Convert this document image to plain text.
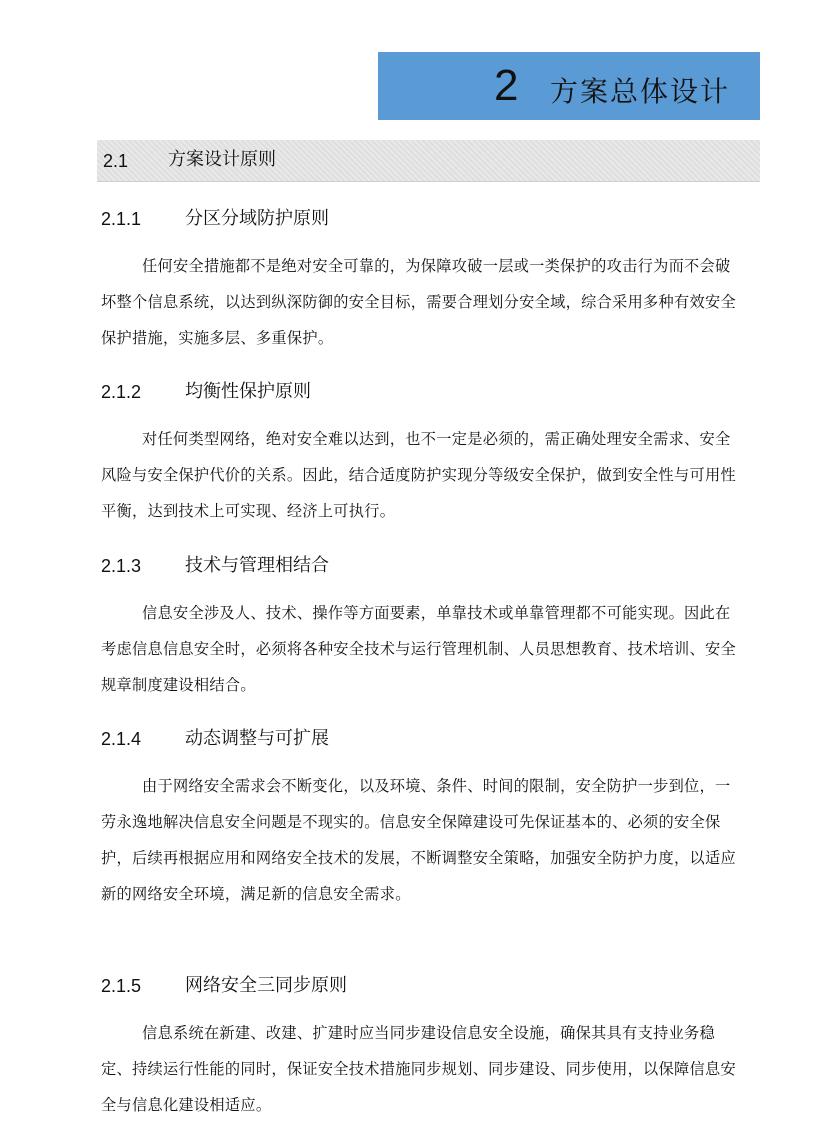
2 方案总体设计
2.1 方案设计原则
2.1.1 分区分域防护原则

任何安全措施都不是绝对安全可靠的，为保障攻破一层或一类保护的攻击行为而不会破坏整个信息系统，以达到纵深防御的安全目标，需要合理划分安全域，综合采用多种有效安全保护措施，实施多层、多重保护。

2.1.2 均衡性保护原则

对任何类型网络，绝对安全难以达到，也不一定是必须的，需正确处理安全需求、安全风险与安全保护代价的关系。因此，结合适度防护实现分等级安全保护，做到安全性与可用性平衡，达到技术上可实现、经济上可执行。

2.1.3 技术与管理相结合

信息安全涉及人、技术、操作等方面要素，单靠技术或单靠管理都不可能实现。因此在考虑信息信息安全时，必须将各种安全技术与运行管理机制、人员思想教育、技术培训、安全规章制度建设相结合。

2.1.4 动态调整与可扩展

由于网络安全需求会不断变化，以及环境、条件、时间的限制，安全防护一步到位，一劳永逸地解决信息安全问题是不现实的。信息安全保障建设可先保证基本的、必须的安全保护，后续再根据应用和网络安全技术的发展，不断调整安全策略，加强安全防护力度，以适应新的网络安全环境，满足新的信息安全需求。

2.1.5 网络安全三同步原则

信息系统在新建、改建、扩建时应当同步建设信息安全设施，确保其具有支持业务稳定、持续运行性能的同时，保证安全技术措施同步规划、同步建设、同步使用，以保障信息安全与信息化建设相适应。
